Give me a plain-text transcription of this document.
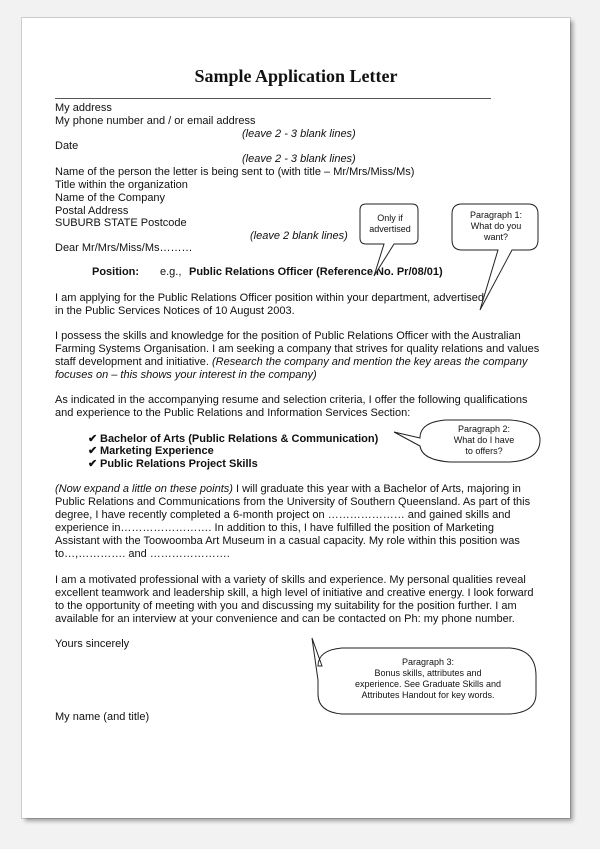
Sample Application Letter
My address
My phone number and / or email address
(leave 2 - 3 blank lines)
Date
(leave 2 - 3 blank lines)
Name of the person the letter is being sent to (with title – Mr/Mrs/Miss/Ms)
Title within the organization
Name of the Company
Postal Address
SUBURB STATE Postcode
(leave 2 blank lines)
Dear Mr/Mrs/Miss/Ms………
Position: e.g., Public Relations Officer (Reference No. Pr/08/01)
I am applying for the Public Relations Officer position within your department, advertised
in the Public Services Notices of 10 August 2003.
I possess the skills and knowledge for the position of Public Relations Officer with the Australian
Farming Systems Organisation. I am seeking a company that strives for quality relations and values
staff development and initiative. (Research the company and mention the key areas the company
focuses on – this shows your interest in the company)
As indicated in the accompanying resume and selection criteria, I offer the following qualifications
and experience to the Public Relations and Information Services Section:
✔ Bachelor of Arts (Public Relations & Communication)
✔ Marketing Experience
✔ Public Relations Project Skills
(Now expand a little on these points) I will graduate this year with a Bachelor of Arts, majoring in
Public Relations and Communications from the University of Southern Queensland. As part of this
degree, I have recently completed a 6-month project on ………………… and gained skills and
experience in……………………. In addition to this, I have fulfilled the position of Marketing
Assistant with the Toowoomba Art Museum in a casual capacity. My role within this position was
to…,…………. and ………………….
I am a motivated professional with a variety of skills and experience. My personal qualities reveal
excellent teamwork and leadership skill, a high level of initiative and creative energy. I look forward
to the opportunity of meeting with you and discussing my suitability for the position further. I am
available for an interview at your convenience and can be contacted on Ph: my phone number.
Yours sincerely
My name (and title)
Only if
advertised
Paragraph 1:
What do you
want?
Paragraph 2:
What do I have
to offers?
Paragraph 3:
Bonus skills, attributes and
experience. See Graduate Skills and
Attributes Handout for key words.
